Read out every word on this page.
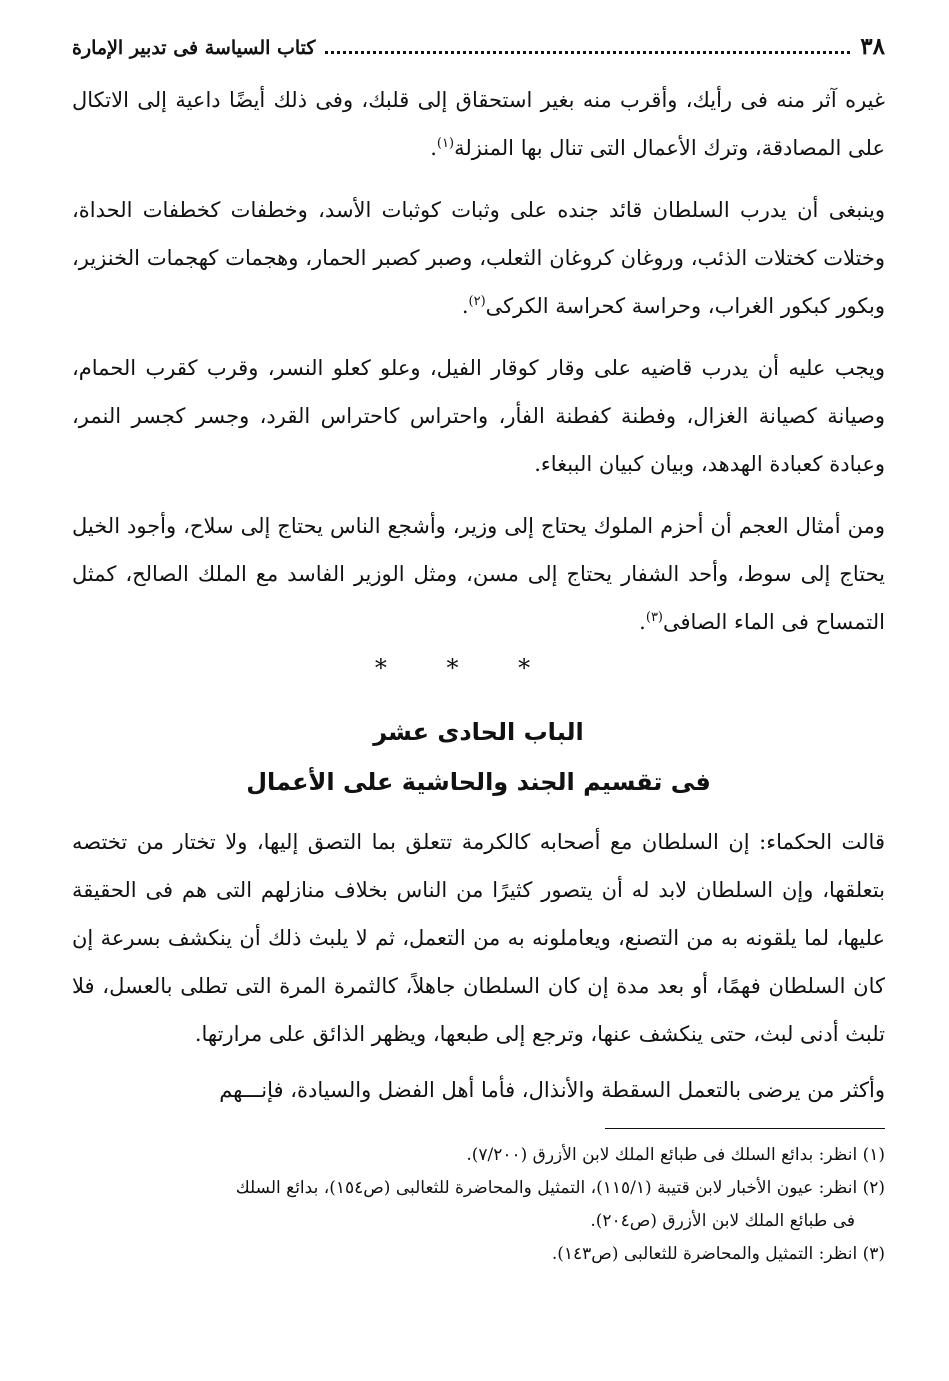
٣٨
كتاب السياسة فى تدبير الإمارة

غيره آثر منه فى رأيك، وأقرب منه بغير استحقاق إلى قلبك، وفى ذلك أيضًا داعية إلى الاتكال على المصادقة، وترك الأعمال التى تنال بها المنزلة$^{(١)}$.

وينبغى أن يدرب السلطان قائد جنده على وثبات كوثبات الأسد، وخطفات كخطفات الحداة، وختلات كختلات الذئب، وروغان كروغان الثعلب، وصبر كصبر الحمار، وهجمات كهجمات الخنزير، وبكور كبكور الغراب، وحراسة كحراسة الكركى$^{(٢)}$.

ويجب عليه أن يدرب قاضيه على وقار كوقار الفيل، وعلو كعلو النسر، وقرب كقرب الحمام، وصيانة كصيانة الغزال، وفطنة كفطنة الفأر، واحتراس كاحتراس القرد، وجسر كجسر النمر، وعبادة كعبادة الهدهد، وبيان كبيان الببغاء.

ومن أمثال العجم أن أحزم الملوك يحتاج إلى وزير، وأشجع الناس يحتاج إلى سلاح، وأجود الخيل يحتاج إلى سوط، وأحد الشفار يحتاج إلى مسن، ومثل الوزير الفاسد مع الملك الصالح، كمثل التمساح فى الماء الصافى$^{(٣)}$.

* * *
الباب الحادى عشر
فى تقسيم الجند والحاشية على الأعمال

قالت الحكماء: إن السلطان مع أصحابه كالكرمة تتعلق بما التصق إليها، ولا تختار من تختصه بتعلقها، وإن السلطان لابد له أن يتصور كثيرًا من الناس بخلاف منازلهم التى هم فى الحقيقة عليها، لما يلقونه به من التصنع، ويعاملونه به من التعمل، ثم لا يلبث ذلك أن ينكشف بسرعة إن كان السلطان فهمًا، أو بعد مدة إن كان السلطان جاهلاً، كالثمرة المرة التى تطلى بالعسل، فلا تلبث أدنى لبث، حتى ينكشف عنها، وترجع إلى طبعها، ويظهر الذائق على مرارتها.

وأكثر من يرضى بالتعمل السقطة والأنذال، فأما أهل الفضل والسيادة، فإنـــهم

(١) انظر: بدائع السلك فى طبائع الملك لابن الأزرق (٧/٢٠٠).

(٢) انظر: عيون الأخبار لابن قتيبة (١١٥/١)، التمثيل والمحاضرة للثعالبى (ص١٥٤)، بدائع السلك
فى طبائع الملك لابن الأزرق (ص٢٠٤).

(٣) انظر: التمثيل والمحاضرة للثعالبى (ص١٤٣).
